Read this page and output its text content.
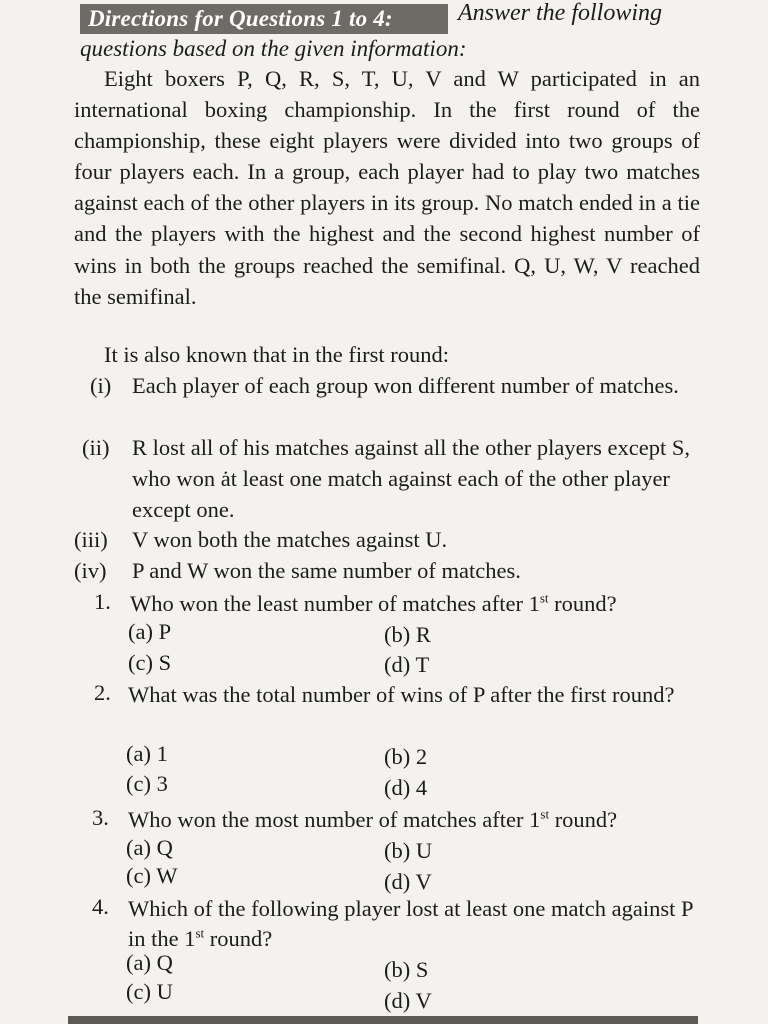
Directions for Questions 1 to 4:	Answer the following
questions based on the given information:

Eight boxers P, Q, R, S, T, U, V and W participated in an international boxing championship. In the first round of the championship, these eight players were divided into two groups of four players each. In a group, each player had to play two matches against each of the other players in its group. No match ended in a tie and the players with the highest and the second highest number of wins in both the groups reached the semifinal. Q, U, W, V reached the semifinal.

It is also known that in the first round:
(i) Each player of each group won different number of matches.
(ii) R lost all of his matches against all the other players except S, who won ȧt least one match against each of the other player except one.
(iii) V won both the matches against U.
(iv) P and W won the same number of matches.
1. Who won the least number of matches after 1st round?
(a) P	(b) R
(c) S	(d) T
2. What was the total number of wins of P after the first round?
(a) 1	(b) 2
(c) 3	(d) 4
3. Who won the most number of matches after 1st round?
(a) Q	(b) U
(c) W	(d) V
4. Which of the following player lost at least one match against P in the 1st round?
(a) Q	(b) S
(c) U	(d) V
